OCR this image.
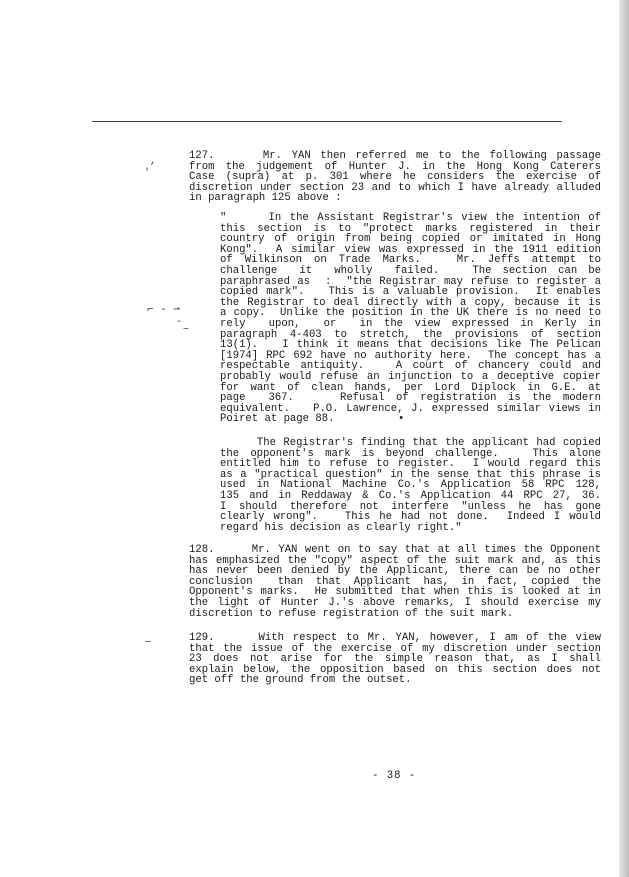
,
'
⌐ ‑ ⇀
-
~
—
127.     Mr. YAN then referred me to the following passage
from the judgement of Hunter J. in the Hong Kong Caterers
Case (supra) at p. 301 where he considers the exercise of
discretion under section 23 and to which I have already alluded
in paragraph 125 above :
"     In the Assistant Registrar's view the intention of
this section is to "protect marks registered in their
country of origin from being copied or imitated in Hong
Kong".  A similar view was expressed in the 1911 edition
of Wilkinson on Trade Marks.   Mr. Jeffs attempt to
challenge  it  wholly  failed.   The section can be
paraphrased as  :  "the Registrar may refuse to register a
copied mark".   This is a valuable provision.  It enables
the Registrar to deal directly with a copy, because it is
a copy.  Unlike the position in the UK there is no need to
rely  upon,  or  in the view expressed in Kerly in
paragraph 4-403 to stretch, the provisions of section
13(1).   I think it means that decisions like The Pelican
[1974] RPC 692 have no authority here.  The concept has a
respectable antiquity.   A court of chancery could and
probably would refuse an injunction to a deceptive copier
for want of clean hands, per Lord Diplock in G.E. at
page  367.    Refusal of registration is the modern
equivalent.   P.O. Lawrence, J. expressed similar views in
Poiret at page 88.          •
The Registrar's finding that the applicant had copied
the opponent's mark is beyond challenge.   This alone
entitled him to refuse to register.  I would regard this
as a "practical question" in the sense that this phrase is
used in National Machine Co.'s Application 58 RPC 128,
135 and in Reddaway & Co.'s Application 44 RPC 27, 36.
I should therefore not interfere "unless he has gone
clearly wrong".   This he had not done.  Indeed I would
regard his decision as clearly right."
128.     Mr. YAN went on to say that at all times the Opponent
has emphasized the "copy" aspect of the suit mark and, as this
has never been denied by the Applicant, there can be no other
conclusion  than that Applicant has, in fact, copied the
Opponent's marks.  He submitted that when this is looked at in
the light of Hunter J.'s above remarks, I should exercise my
discretion to refuse registration of the suit mark.
129.     With respect to Mr. YAN, however, I am of the view
that the issue of the exercise of my discretion under section
23 does not arise for the simple reason that, as I shall
explain below, the opposition based on this section does not
get off the ground from the outset.
- 38 -
